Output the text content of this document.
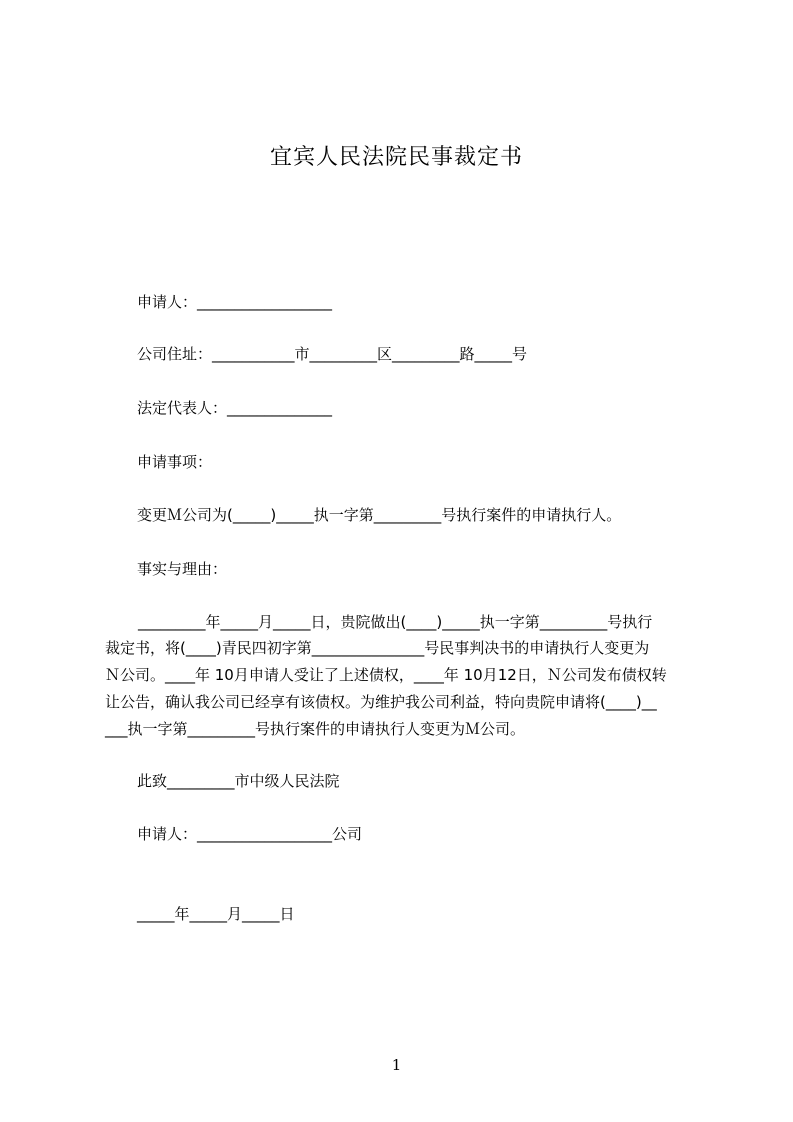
宜宾人民法院民事裁定书
申请人：__________________
公司住址：___________市_________区_________路_____号
法定代表人：______________
申请事项：
变更Ｍ公司为(_____)_____执一字第_________号执行案件的申请执行人。
事实与理由：
_________年_____月_____日，贵院做出(____)_____执一字第_________号执行
裁定书，将(____)青民四初字第_______________号民事判决书的申请执行人变更为
Ｎ公司。____年 10月申请人受让了上述债权，____年 10月12日，Ｎ公司发布债权转
让公告，确认我公司已经享有该债权。为维护我公司利益，特向贵院申请将(____)__
___执一字第_________号执行案件的申请执行人变更为Ｍ公司。
此致_________市中级人民法院
申请人：__________________公司
_____年_____月_____日
1
